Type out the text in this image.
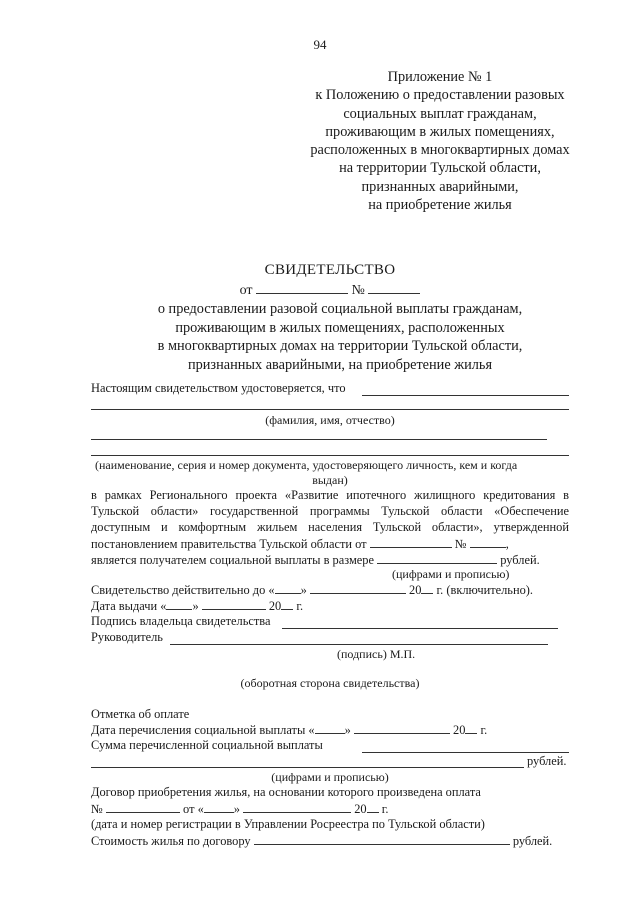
94
Приложение № 1
к Положению о предоставлении разовых
социальных выплат гражданам,
проживающим в жилых помещениях,
расположенных в многоквартирных домах
на территории Тульской области,
признанных аварийными,
на приобретение жилья
СВИДЕТЕЛЬСТВО
от	№
о предоставлении разовой социальной выплаты гражданам,
проживающим в жилых помещениях, расположенных
в многоквартирных домах на территории Тульской области,
признанных аварийными, на приобретение жилья
Настоящим свидетельством удостоверяется, что
(фамилия, имя, отчество)
(наименование, серия и номер документа, удостоверяющего личность, кем и когда
выдан)
в рамках Регионального проекта «Развитие ипотечного жилищного кредитования в
Тульской области» государственной программы Тульской области «Обеспечение
доступным и комфортным жильем населения Тульской области», утвержденной
постановлением правительства Тульской области от	№	,
является получателем социальной выплаты в размере	рублей.
(цифрами и прописью)
Свидетельство действительно до « »	20 г. (включительно).
Дата выдачи « »	20 г.
Подпись владельца свидетельства
Руководитель
(подпись) М.П.
(оборотная сторона свидетельства)
Отметка об оплате
Дата перечисления социальной выплаты « »	20 г.
Сумма перечисленной социальной выплаты
рублей.
(цифрами и прописью)
Договор приобретения жилья, на основании которого произведена оплата
№	от « »	20 г.
(дата и номер регистрации в Управлении Росреестра по Тульской области)
Стоимость жилья по договору	рублей.
